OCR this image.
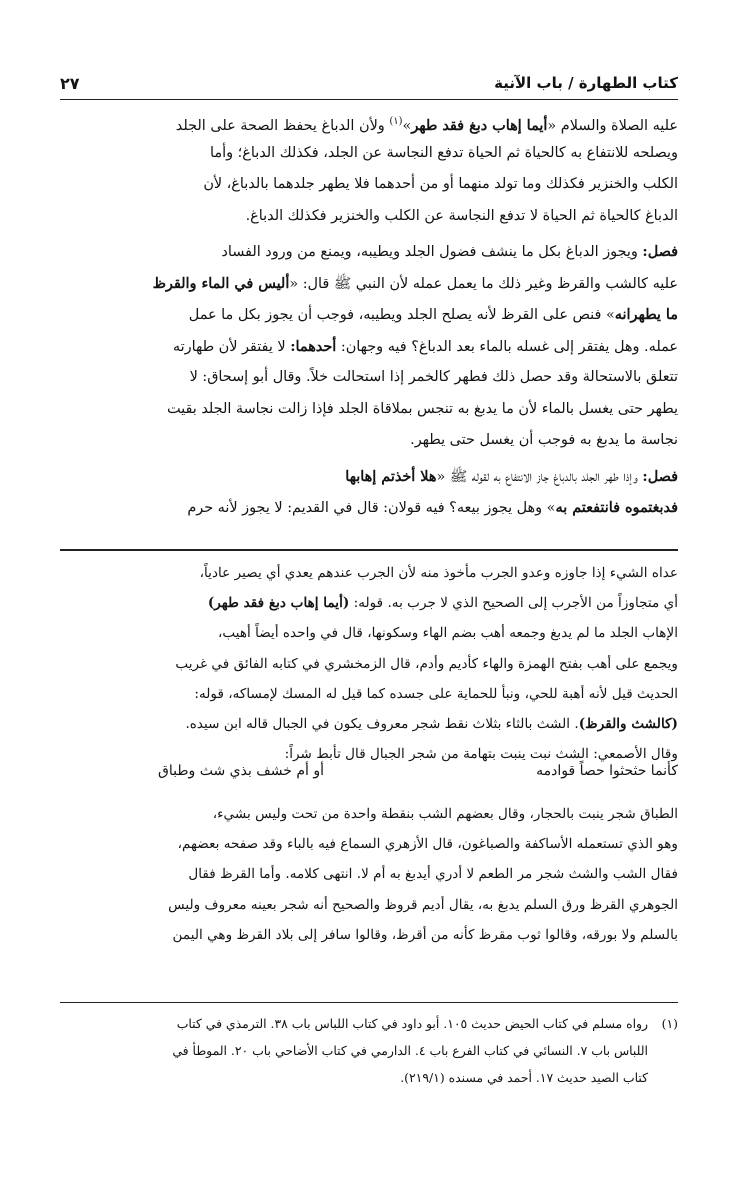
كتاب الطهارة / باب الآنية
٢٧
عليه الصلاة والسلام «أيما إهاب دبغ فقد طهر»$^{(١)}$ ولأن الدباغ يحفظ الصحة على الجلد
ويصلحه للانتفاع به كالحياة ثم الحياة تدفع النجاسة عن الجلد، فكذلك الدباغ؛ وأما
الكلب والخنزير فكذلك وما تولد منهما أو من أحدهما فلا يطهر جلدهما بالدباغ، لأن
الدباغ كالحياة ثم الحياة لا تدفع النجاسة عن الكلب والخنزير فكذلك الدباغ.
فصل: ويجوز الدباغ بكل ما ينشف فضول الجلد ويطيبه، ويمنع من ورود الفساد
عليه كالشب والقرظ وغير ذلك ما يعمل عمله لأن النبي ﷺ قال: «أليس في الماء والقرظ
ما يطهرانه» فنص على القرظ لأنه يصلح الجلد ويطيبه، فوجب أن يجوز بكل ما عمل
عمله. وهل يفتقر إلى غسله بالماء بعد الدباغ؟ فيه وجهان: أحدهما: لا يفتقر لأن طهارته
تتعلق بالاستحالة وقد حصل ذلك فطهر كالخمر إذا استحالت خلاً. وقال أبو إسحاق: لا
يطهر حتى يغسل بالماء لأن ما يدبغ به تنجس بملاقاة الجلد فإذا زالت نجاسة الجلد بقيت
نجاسة ما يدبغ به فوجب أن يغسل حتى يطهر.
فصل: وإذا طهر الجلد بالدباغ جاز الانتفاع به لقوله ﷺ «هلا أخذتم إهابها
فدبغتموه فانتفعتم به» وهل يجوز بيعه؟ فيه قولان: قال في القديم: لا يجوز لأنه حرم
عداه الشيء إذا جاوزه وعدو الجرب مأخوذ منه لأن الجرب عندهم يعدي أي يصير عادياً،
أي متجاوزاً من الأجرب إلى الصحيح الذي لا جرب به. قوله: (أيما إهاب دبغ فقد طهر)
الإهاب الجلد ما لم يدبغ وجمعه أهب بضم الهاء وسكونها، قال في واحده أيضاً أهيب،
ويجمع على أهب بفتح الهمزة والهاء كأديم وأدم، قال الزمخشري في كتابه الفائق في غريب
الحديث قيل لأنه أهبة للحي، ونبأ للحماية على جسده كما قيل له المسك لإمساكه، قوله:
(كالشث والقرظ). الشث بالثاء بثلاث نقط شجر معروف يكون في الجبال قاله ابن سيده.
وقال الأصمعي: الشث نبت ينبت بتهامة من شجر الجبال قال تأبط شراً:
كأنما حثحثوا حصاً قوادمه
أو أم خشف بذي شث وطباق
الطباق شجر ينبت بالحجار، وقال بعضهم الشب بنقطة واحدة من تحت وليس بشيء،
وهو الذي تستعمله الأساكفة والصباغون، قال الأزهري السماع فيه بالباء وقد صفحه بعضهم،
فقال الشب والشث شجر مر الطعم لا أدري أيدبغ به أم لا. انتهى كلامه. وأما القرظ فقال
الجوهري القرظ ورق السلم يدبغ به، يقال أديم قروظ والصحيح أنه شجر بعينه معروف وليس
بالسلم ولا بورقه، وقالوا ثوب مقرظ كأنه من أقرظ، وقالوا سافر إلى بلاد القرظ وهي اليمن
(١)رواه مسلم في كتاب الحيض حديث ١٠٥. أبو داود في كتاب اللباس باب ٣٨. الترمذي في كتاب
اللباس باب ٧. النسائي في كتاب الفرع باب ٤. الدارمي في كتاب الأضاحي باب ٢٠. الموطأ في
كتاب الصيد حديث ١٧. أحمد في مسنده (٢١٩/١).
